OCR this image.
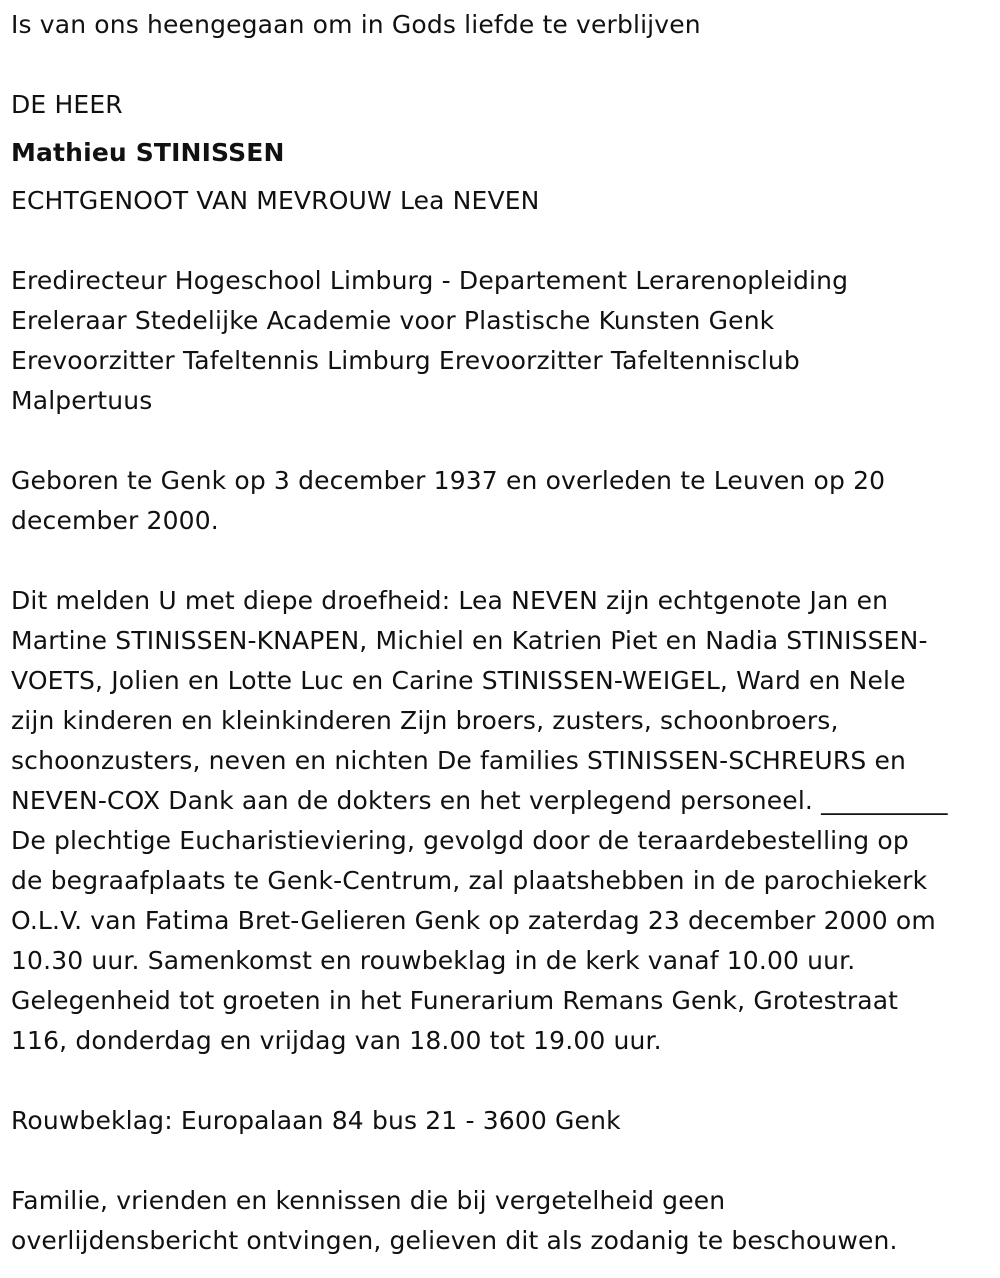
Is van ons heengegaan om in Gods liefde te verblijven
DE HEER
Mathieu STINISSEN
ECHTGENOOT VAN MEVROUW Lea NEVEN
Eredirecteur Hogeschool Limburg - Departement Lerarenopleiding
Ereleraar Stedelijke Academie voor Plastische Kunsten Genk
Erevoorzitter Tafeltennis Limburg Erevoorzitter Tafeltennisclub
Malpertuus
Geboren te Genk op 3 december 1937 en overleden te Leuven op 20
december 2000.
Dit melden U met diepe droefheid: Lea NEVEN zijn echtgenote Jan en
Martine STINISSEN-KNAPEN, Michiel en Katrien Piet en Nadia STINISSEN-
VOETS, Jolien en Lotte Luc en Carine STINISSEN-WEIGEL, Ward en Nele
zijn kinderen en kleinkinderen Zijn broers, zusters, schoonbroers,
schoonzusters, neven en nichten De families STINISSEN-SCHREURS en
NEVEN-COX Dank aan de dokters en het verplegend personeel. __________
De plechtige Eucharistieviering, gevolgd door de teraardebestelling op
de begraafplaats te Genk-Centrum, zal plaatshebben in de parochiekerk
O.L.V. van Fatima Bret-Gelieren Genk op zaterdag 23 december 2000 om
10.30 uur. Samenkomst en rouwbeklag in de kerk vanaf 10.00 uur.
Gelegenheid tot groeten in het Funerarium Remans Genk, Grotestraat
116, donderdag en vrijdag van 18.00 tot 19.00 uur.
Rouwbeklag: Europalaan 84 bus 21 - 3600 Genk
Familie, vrienden en kennissen die bij vergetelheid geen
overlijdensbericht ontvingen, gelieven dit als zodanig te beschouwen.
